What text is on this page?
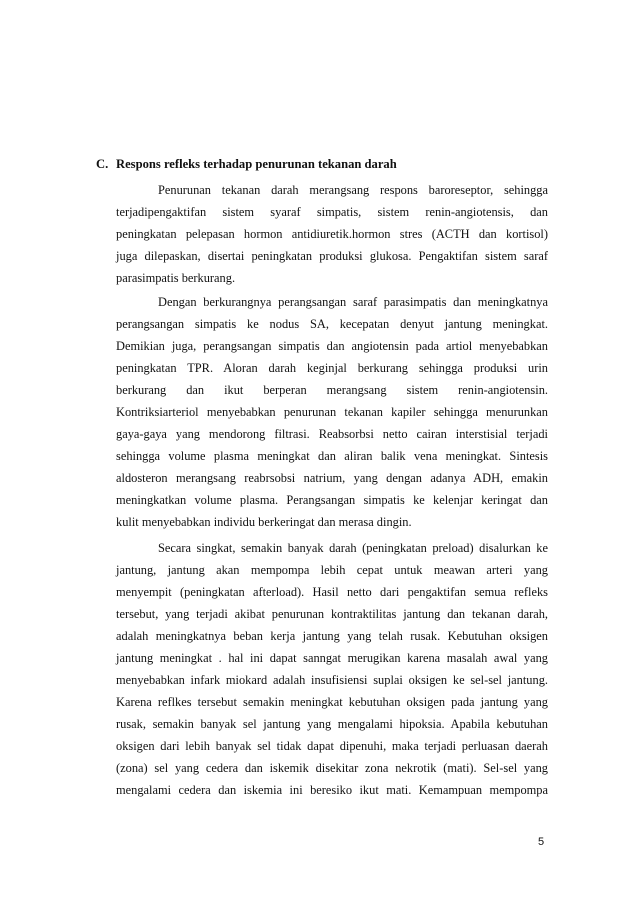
C. Respons refleks terhadap penurunan tekanan darah
Penurunan tekanan darah merangsang respons baroreseptor, sehingga
terjadipengaktifan sistem syaraf simpatis, sistem renin-angiotensis, dan
peningkatan pelepasan hormon antidiuretik.hormon stres (ACTH dan kortisol)
juga dilepaskan, disertai peningkatan produksi glukosa. Pengaktifan sistem saraf
parasimpatis berkurang.
Dengan berkurangnya perangsangan saraf parasimpatis dan meningkatnya
perangsangan simpatis ke nodus SA, kecepatan denyut jantung meningkat.
Demikian juga, perangsangan simpatis dan angiotensin pada artiol menyebabkan
peningkatan TPR. Aloran darah keginjal berkurang sehingga produksi urin
berkurang dan ikut berperan merangsang sistem renin-angiotensin.
Kontriksiarteriol menyebabkan penurunan tekanan kapiler sehingga menurunkan
gaya-gaya yang mendorong filtrasi. Reabsorbsi netto cairan interstisial terjadi
sehingga volume plasma meningkat dan aliran balik vena meningkat. Sintesis
aldosteron merangsang reabrsobsi natrium, yang dengan adanya ADH, emakin
meningkatkan volume plasma. Perangsangan simpatis ke kelenjar keringat dan
kulit menyebabkan individu berkeringat dan merasa dingin.
Secara singkat, semakin banyak darah (peningkatan preload) disalurkan ke
jantung, jantung akan mempompa lebih cepat untuk meawan arteri yang
menyempit (peningkatan afterload). Hasil netto dari pengaktifan semua refleks
tersebut, yang terjadi akibat penurunan kontraktilitas jantung dan tekanan darah,
adalah meningkatnya beban kerja jantung yang telah rusak. Kebutuhan oksigen
jantung meningkat . hal ini dapat sanngat merugikan karena masalah awal yang
menyebabkan infark miokard adalah insufisiensi suplai oksigen ke sel-sel jantung.
Karena reflkes tersebut semakin meningkat kebutuhan oksigen pada jantung yang
rusak, semakin banyak sel jantung yang mengalami hipoksia. Apabila kebutuhan
oksigen dari lebih banyak sel tidak dapat dipenuhi, maka terjadi perluasan daerah
(zona) sel yang cedera dan iskemik disekitar zona nekrotik (mati). Sel-sel yang
mengalami cedera dan iskemia ini beresiko ikut mati. Kemampuan mempompa
5
